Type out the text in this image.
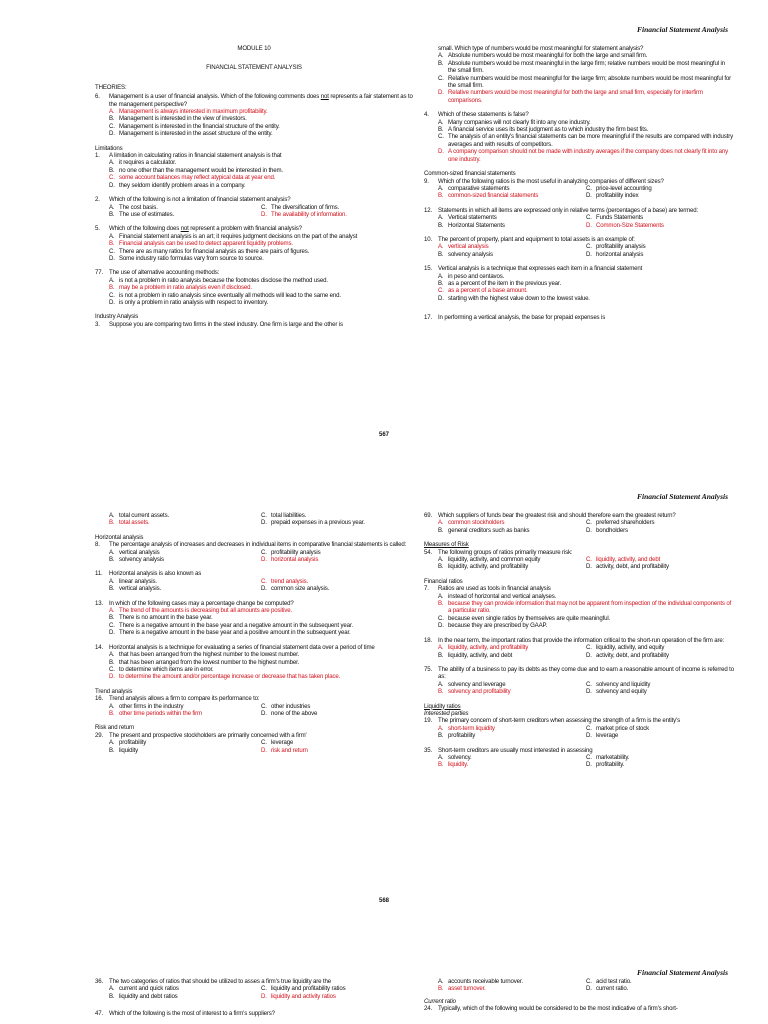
Financial Statement Analysis
MODULE 10
FINANCIAL STATEMENT ANALYSIS
THEORIES:
6.	Management is a user of financial analysis. Which of the following comments does not represents a fair statement as to the management perspective?
A. Management is always interested in maximum profitability.
B. Management is interested in the view of investors.
C. Management is interested in the financial structure of the entity.
D. Management is interested in the asset structure of the entity.
Limitations
1.	A limitation in calculating ratios in financial statement analysis is that
A. it requires a calculator.
B. no one other than the management would be interested in them.
C. some account balances may reflect atypical data at year end.
D. they seldom identify problem areas in a company.
2.	Which of the following is not a limitation of financial statement analysis?
A. The cost basis.	C. The diversification of firms.
B. The use of estimates.	D. The availability of information.
5.	Which of the following does not represent a problem with financial analysis?
A. Financial statement analysis is an art; it requires judgment decisions on the part of the analyst
B. Financial analysis can be used to detect apparent liquidity problems.
C. There are as many ratios for financial analysis as there are pairs of figures.
D. Some industry ratio formulas vary from source to source.
77. The use of alternative accounting methods:
A. is not a problem in ratio analysis because the footnotes disclose the method used.
B. may be a problem in ratio analysis even if disclosed.
C. is not a problem in ratio analysis since eventually all methods will lead to the same end.
D. is only a problem in ratio analysis with respect to inventory.
Industry Analysis
3.	Suppose you are comparing two firms in the steel industry. One firm is large and the other is
small. Which type of numbers would be most meaningful for statement analysis?
A. Absolute numbers would be most meaningful for both the large and small firm.
B. Absolute numbers would be most meaningful in the large firm; relative numbers would be most meaningful in the small firm.
C. Relative numbers would be most meaningful for the large firm; absolute numbers would be most meaningful for the small firm.
D. Relative numbers would be most meaningful for both the large and small firm, especially for interfirm comparisons.
4.	Which of these statements is false?
A. Many companies will not clearly fit into any one industry.
B. A financial service uses its best judgment as to which industry the firm best fits.
C. The analysis of an entity's financial statements can be more meaningful if the results are compared with industry averages and with results of competitors.
D. A company comparison should not be made with industry averages if the company does not clearly fit into any one industry.
Common-sized financial statements
9.	Which of the following ratios is the most useful in analyzing companies of different sizes?
A. comparative statements	C. price-level accounting
B. common-sized financial statements	D. profitability index
12. Statements in which all items are expressed only in relative terms (percentages of a base) are termed:
A. Vertical statements	C. Funds Statements
B. Horizontal Statements	D. Common-Size Statements
10. The percent of property, plant and equipment to total assets is an example of:
A. vertical analysis	C. profitability analysis
B. solvency analysis	D. horizontal analysis
15. Vertical analysis is a technique that expresses each item in a financial statement
A. in peso and centavos.
B. as a percent of the item in the previous year.
C. as a percent of a base amount.
D. starting with the highest value down to the lowest value.
17. In performing a vertical analysis, the base for prepaid expenses is
567
Financial Statement Analysis
A. total current assets.	C. total liabilities.
B. total assets.	D. prepaid expenses in a previous year.
Horizontal analysis
8.	The percentage analysis of increases and decreases in individual items in comparative financial statements is called:
A. vertical analysis	C. profitability analysis
B. solvency analysis	D. horizontal analysis
11.	Horizontal analysis is also known as
A. linear analysis.	C. trend analysis.
B. vertical analysis.	D. common size analysis.
13. In which of the following cases may a percentage change be computed?
A. The trend of the amounts is decreasing but all amounts are positive.
B. There is no amount in the base year.
C. There is a negative amount in the base year and a negative amount in the subsequent year.
D. There is a negative amount in the base year and a positive amount in the subsequent year.
14. Horizontal analysis is a technique for evaluating a series of financial statement data over a period of time
A. that has been arranged from the highest number to the lowest number.
B. that has been arranged from the lowest number to the highest number.
C. to determine which items are in error.
D. to determine the amount and/or percentage increase or decrease that has taken place.
Trend analysis
16. Trend analysis allows a firm to compare its performance to:
A. other firms in the industry	C. other industries
B. other time periods within the firm	D. none of the above
Risk and return
29. The present and prospective stockholders are primarily concerned with a firm'
A. profitability	C. leverage
B. liquidity	D. risk and return
69. Which suppliers of funds bear the greatest risk and should therefore earn the greatest return?
A. common stockholders	C. preferred shareholders
B. general creditors such as banks	D. bondholders
Measures of Risk
54. The following groups of ratios primarily measure risk:
A. liquidity, activity, and common equity	C. liquidity, activity, and debt
B. liquidity, activity, and profitability	D. activity, debt, and profitability
Financial ratios
7.	Ratios are used as tools in financial analysis
A. instead of horizontal and vertical analyses.
B. because they can provide information that may not be apparent from inspection of the individual components of a particular ratio.
C. because even single ratios by themselves are quite meaningful.
D. because they are prescribed by GAAP.
18. In the near term, the important ratios that provide the information critical to the short-run operation of the firm are:
A. liquidity, activity, and profitability	C. liquidity, activity, and equity
B. liquidity, activity, and debt	D. activity, debt, and profitability
75. The ability of a business to pay its debts as they come due and to earn a reasonable amount of income is referred to as:
A. solvency and leverage	C. solvency and liquidity
B. solvency and profitability	D. solvency and equity
Liquidity ratios
Interested parties
19. The primary concern of short-term creditors when assessing the strength of a firm is the entity's
A. short-term liquidity	C. market price of stock
B. profitability	D. leverage
35. Short-term creditors are usually most interested in assessing
A. solvency.	C. marketability.
B. liquidity.	D. profitability.
568
Financial Statement Analysis
36. The two categories of ratios that should be utilized to asses a firm's true liquidity are the
A. current and quick ratios	C. liquidity and profitability ratios
B. liquidity and debt ratios	D. liquidity and activity ratios
47. Which of the following is the most of interest to a firm's suppliers?
A. accounts receivable turnover.	C. acid test ratio.
B. asset turnover.	D. current ratio.
Current ratio
24. Typically, which of the following would be considered to be the most indicative of a firm's short-
